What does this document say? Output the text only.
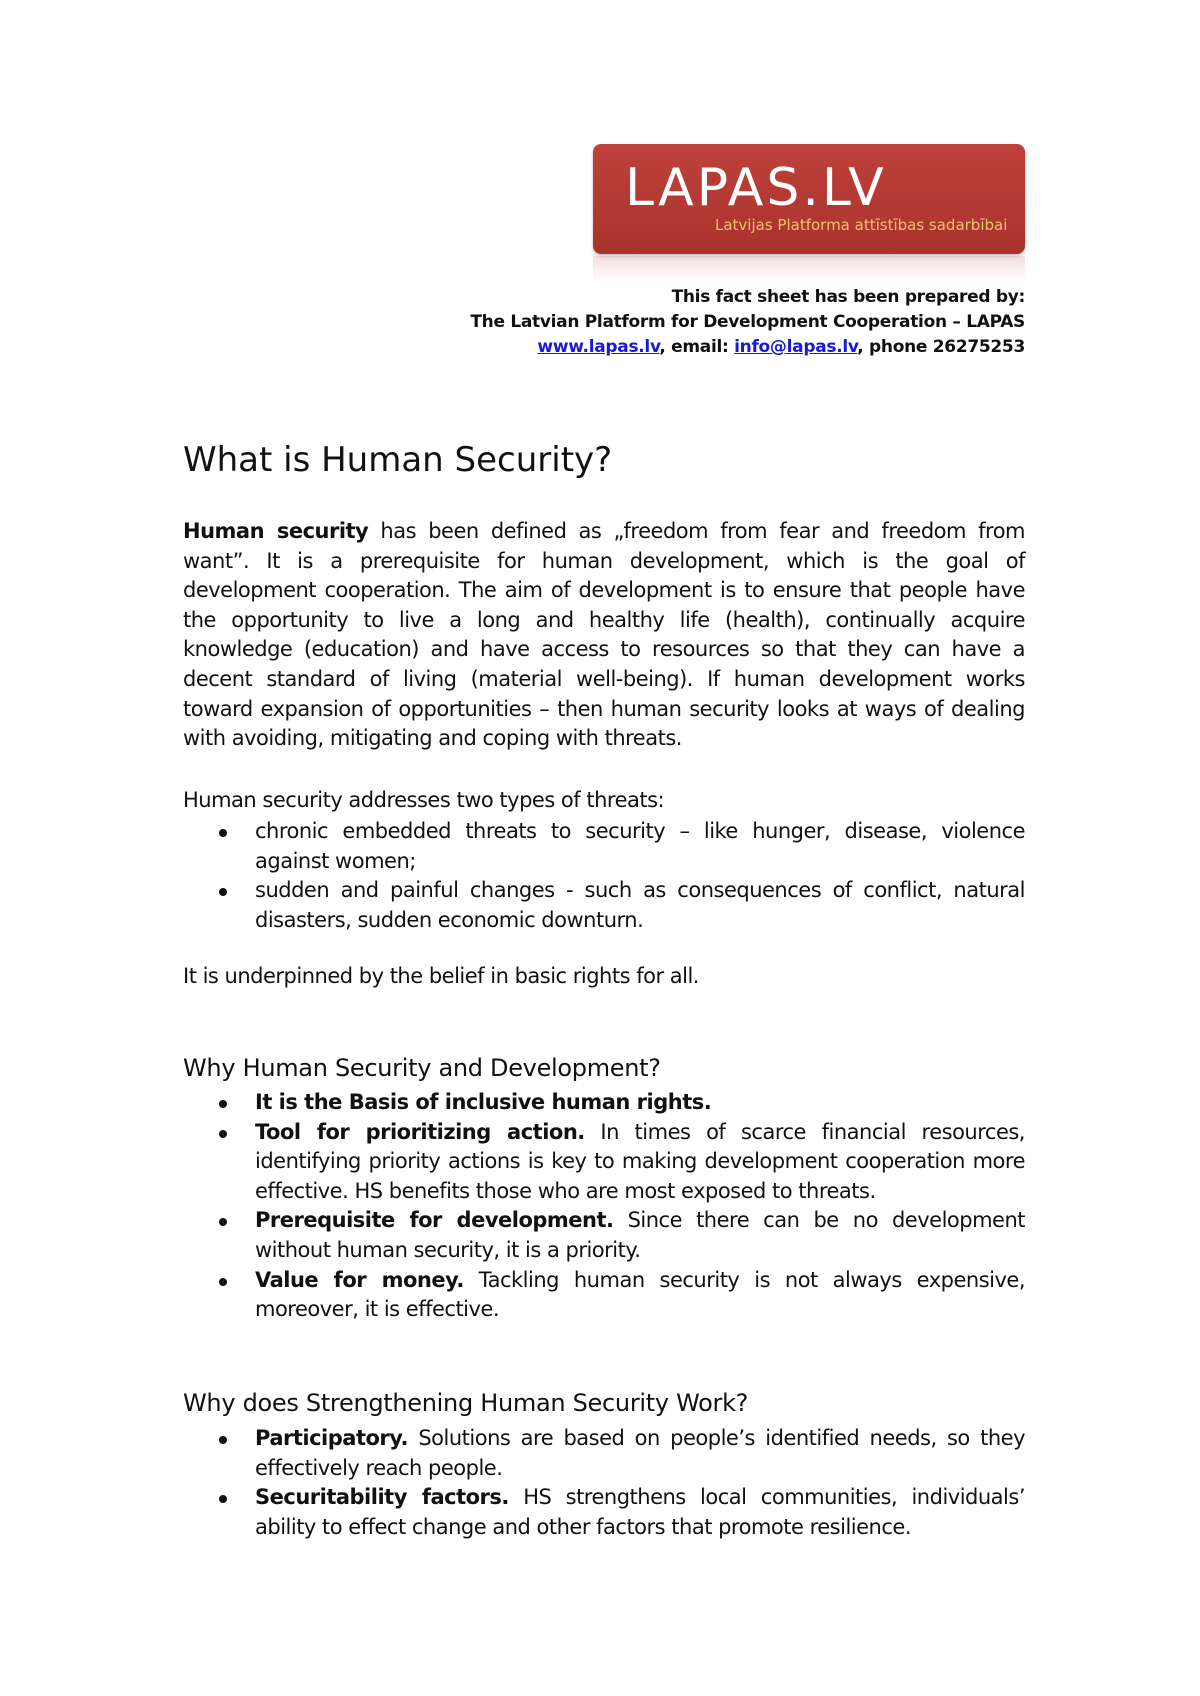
LAPAS.LV
Latvijas Platforma attīstības sadarbībai
This fact sheet has been prepared by:
The Latvian Platform for Development Cooperation – LAPAS
www.lapas.lv, email: info@lapas.lv, phone 26275253
What is Human Security?

Human security has been defined as „freedom from fear and freedom from want”. It is a prerequisite for human development, which is the goal of development cooperation. The aim of development is to ensure that people have the opportunity to live a long and healthy life (health), continually acquire knowledge (education) and have access to resources so that they can have a decent standard of living (material well-being). If human development works toward expansion of opportunities – then human security looks at ways of dealing with avoiding, mitigating and coping with threats.

Human security addresses two types of threats:

chronic embedded threats to security – like hunger, disease, violence against women;
sudden and painful changes - such as consequences of conflict, natural disasters, sudden economic downturn.

It is underpinned by the belief in basic rights for all.

Why Human Security and Development?
It is the Basis of inclusive human rights.
Tool for prioritizing action. In times of scarce financial resources, identifying priority actions is key to making development cooperation more effective. HS benefits those who are most exposed to threats.
Prerequisite for development. Since there can be no development without human security, it is a priority.
Value for money. Tackling human security is not always expensive, moreover, it is effective.
Why does Strengthening Human Security Work?
Participatory. Solutions are based on people’s identified needs, so they effectively reach people.
Securitability factors. HS strengthens local communities, individuals’ ability to effect change and other factors that promote resilience.
